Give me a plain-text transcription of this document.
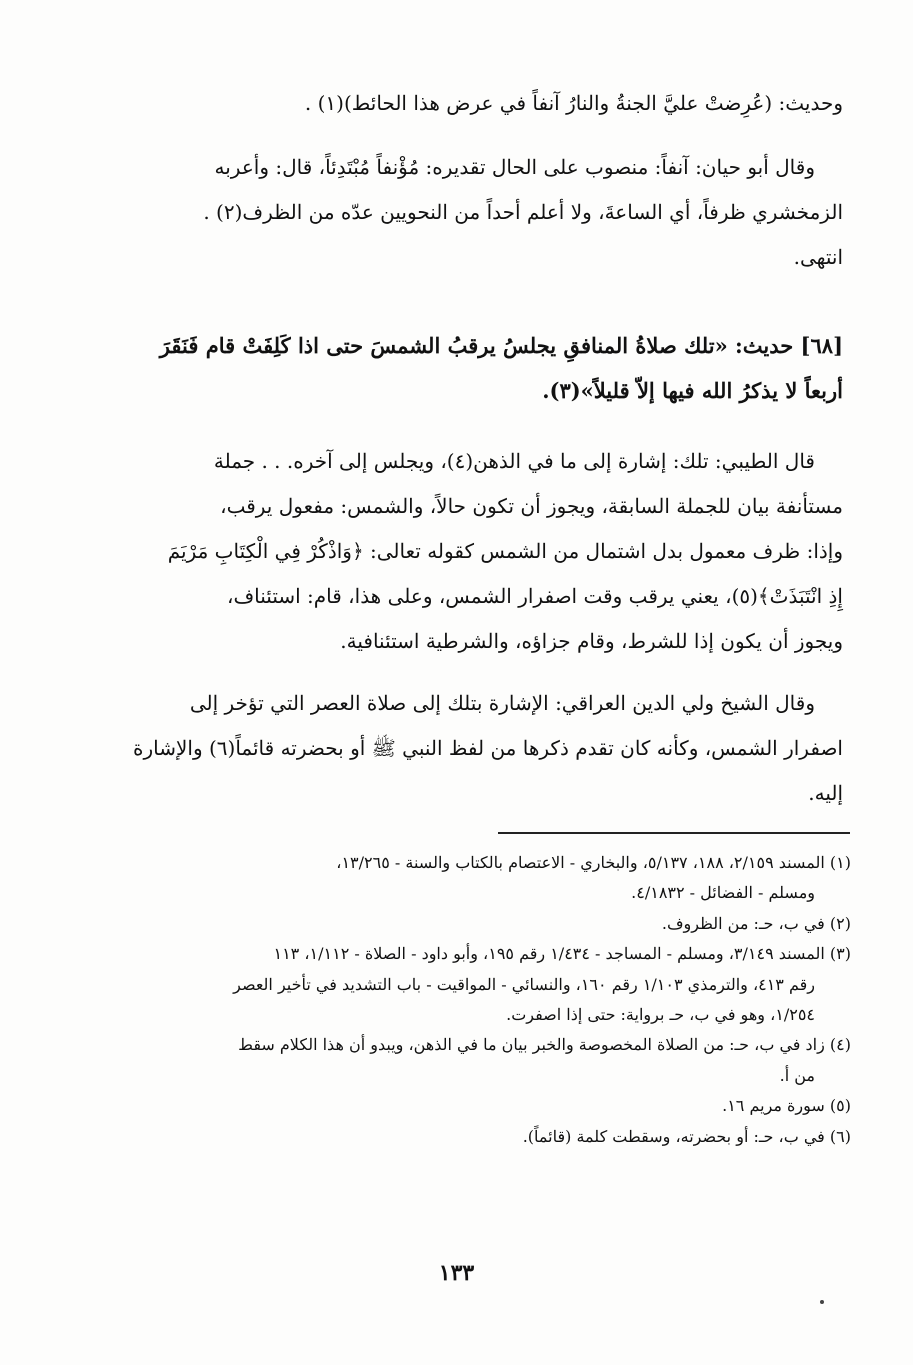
وحديث: (عُرِضتْ عليَّ الجنةُ والنارُ آنفاً في عرض هذا الحائط)(١) .
وقال أبو حيان: آنفاً: منصوب على الحال تقديره: مُؤْنفاً مُبْتَدِئاً، قال: وأعربه
الزمخشري ظرفاً، أي الساعةَ، ولا أعلم أحداً من النحويين عدّه من الظرف(٢) .
انتهى.
[٦٨] حديث: «تلك صلاةُ المنافقِ يجلسُ يرقبُ الشمسَ حتى اذا كَلِفَتْ قام فَنَقَرَ
أربعاً لا يذكرُ الله فيها إلاّ قليلاً»(٣).
قال الطيبي: تلك: إشارة إلى ما في الذهن(٤)، ويجلس إلى آخره. . . جملة
مستأنفة بيان للجملة السابقة، ويجوز أن تكون حالاً، والشمس: مفعول يرقب،
وإذا: ظرف معمول بدل اشتمال من الشمس كقوله تعالى: ﴿وَاذْكُرْ فِي الْكِتَابِ مَرْيَمَ
إِذِ انْتَبَذَتْ﴾(٥)، يعني يرقب وقت اصفرار الشمس، وعلى هذا، قام: استئناف،
ويجوز أن يكون إذا للشرط، وقام جزاؤه، والشرطية استئنافية.
وقال الشيخ ولي الدين العراقي: الإشارة بتلك إلى صلاة العصر التي تؤخر إلى
اصفرار الشمس، وكأنه كان تقدم ذكرها من لفظ النبي ﷺ أو بحضرته قائماً(٦) والإشارة
إليه.
(١) المسند ٢/١٥٩، ١٨٨، ٥/١٣٧، والبخاري - الاعتصام بالكتاب والسنة - ١٣/٢٦٥،
ومسلم - الفضائل - ٤/١٨٣٢.
(٢) في ب، حـ: من الظروف.
(٣) المسند ٣/١٤٩، ومسلم - المساجد - ١/٤٣٤ رقم ١٩٥، وأبو داود - الصلاة - ١/١١٢، ١١٣
رقم ٤١٣، والترمذي ١/١٠٣ رقم ١٦٠، والنسائي - المواقيت - باب التشديد في تأخير العصر
١/٢٥٤، وهو في ب، حـ برواية: حتى إذا اصفرت.
(٤) زاد في ب، حـ: من الصلاة المخصوصة والخبر بيان ما في الذهن، ويبدو أن هذا الكلام سقط
من أ.
(٥) سورة مريم ١٦.
(٦) في ب، حـ: أو بحضرته، وسقطت كلمة (قائماً).
١٣٣
